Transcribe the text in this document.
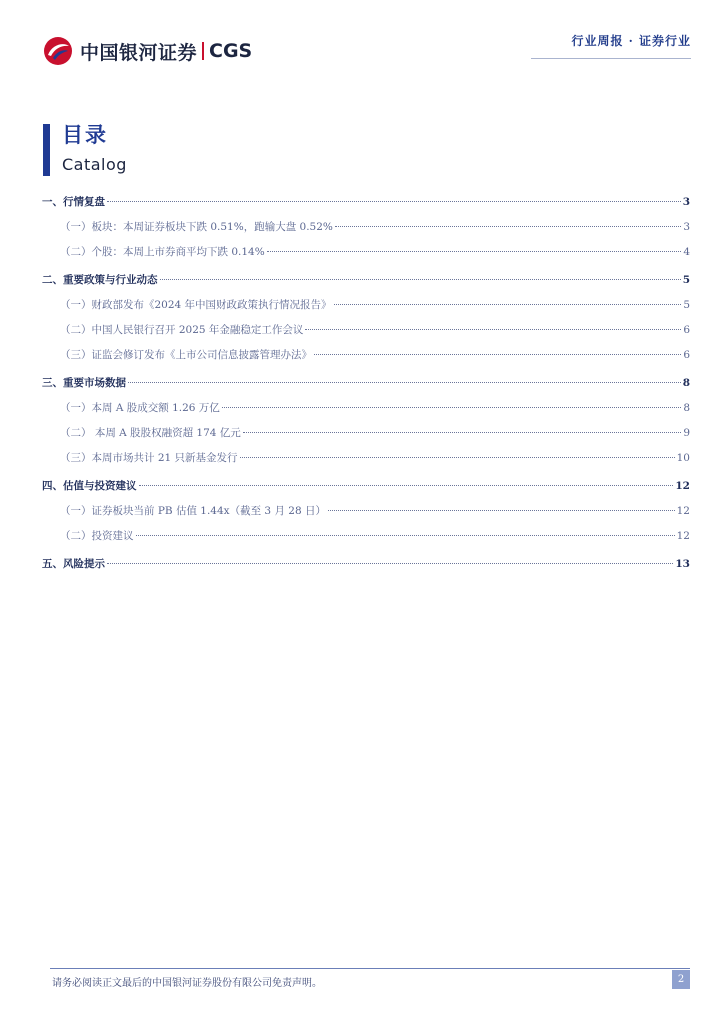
中国银河证券 CGS	行业周报 · 证券行业
目录
Catalog
一、行情复盘	3
（一）板块：本周证券板块下跌 0.51%，跑输大盘 0.52%	3
（二）个股：本周上市券商平均下跌 0.14%	4
二、重要政策与行业动态	5
（一）财政部发布《2024 年中国财政政策执行情况报告》	5
（二）中国人民银行召开 2025 年金融稳定工作会议	6
（三）证监会修订发布《上市公司信息披露管理办法》	6
三、重要市场数据	8
（一）本周 A 股成交额 1.26 万亿	8
（二） 本周 A 股股权融资超 174 亿元	9
（三）本周市场共计 21 只新基金发行	10
四、估值与投资建议	12
（一）证券板块当前 PB 估值 1.44x（截至 3 月 28 日）	12
（二）投资建议	12
五、风险提示	13
请务必阅读正文最后的中国银河证券股份有限公司免责声明。	2
